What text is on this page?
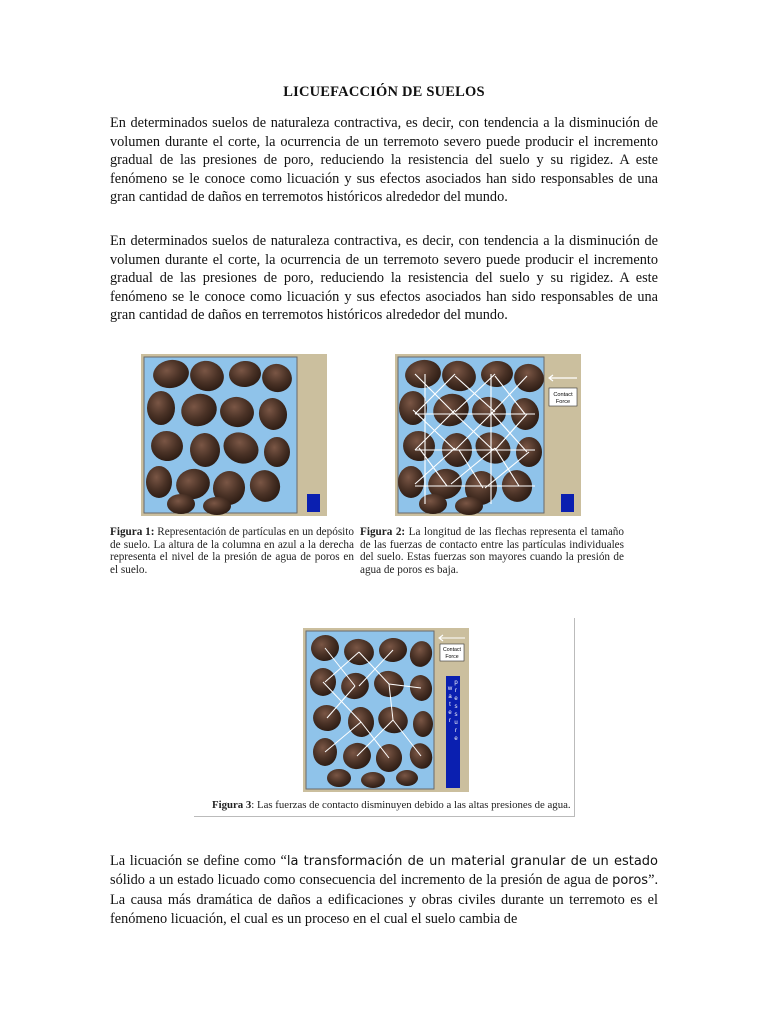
LICUEFACCIÓN DE SUELOS

En determinados suelos de naturaleza contractiva, es decir, con tendencia a la disminución de volumen durante el corte, la ocurrencia de un terremoto severo puede producir el incremento gradual de las presiones de poro, reduciendo la resistencia del suelo y su rigidez. A este fenómeno se le conoce como licuación y sus efectos asociados han sido responsables de una gran cantidad de daños en terremotos históricos alrededor del mundo.

En determinados suelos de naturaleza contractiva, es decir, con tendencia a la disminución de volumen durante el corte, la ocurrencia de un terremoto severo puede producir el incremento gradual de las presiones de poro, reduciendo la resistencia del suelo y su rigidez. A este fenómeno se le conoce como licuación y sus efectos asociados han sido responsables de una gran cantidad de daños en terremotos históricos alrededor del mundo.

Figura 1: Representación de partículas en un depósito de suelo. La altura de la columna en azul a la derecha representa el nivel de la presión de agua de poros en el suelo.
Contact
Force
Figura 2: La longitud de las flechas representa el tamaño de las fuerzas de contacto entre las partículas individuales del suelo. Estas fuerzas son mayores cuando la presión de agua de poros es baja.
Contact
Force
w
a
t
e
r
p
r
e
s
s
u
r
e
Figura 3: Las fuerzas de contacto disminuyen debido a las altas presiones de agua.

La licuación se define como “la transformación de un material granular de un estado sólido a un estado licuado como consecuencia del incremento de la presión de agua de poros”. La causa más dramática de daños a edificaciones y obras civiles durante un terremoto es el fenómeno licuación, el cual es un proceso en el cual el suelo cambia de
